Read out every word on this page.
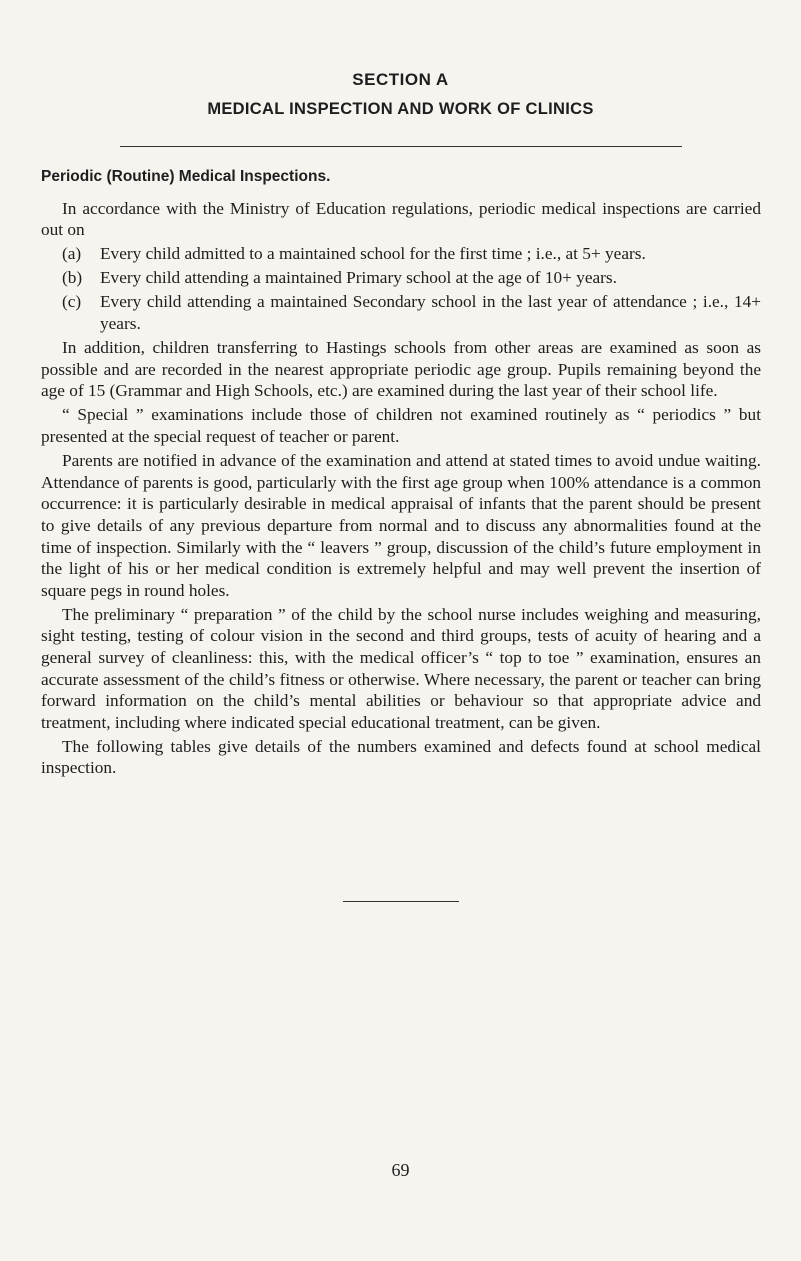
SECTION A
MEDICAL INSPECTION AND WORK OF CLINICS
Periodic (Routine) Medical Inspections.

In accordance with the Ministry of Education regulations, periodic medical inspections are carried out on

(a)	Every child admitted to a maintained school for the first time ; i.e., at 5+ years.
(b)	Every child attending a maintained Primary school at the age of 10+ years.
(c)	Every child attending a maintained Secondary school in the last year of attendance ; i.e., 14+ years.

In addition, children transferring to Hastings schools from other areas are examined as soon as possible and are recorded in the nearest appropriate periodic age group. Pupils remaining beyond the age of 15 (Grammar and High Schools, etc.) are examined during the last year of their school life.

“ Special ” examinations include those of children not examined routinely as “ periodics ” but presented at the special request of teacher or parent.

Parents are notified in advance of the examination and attend at stated times to avoid undue waiting. Attendance of parents is good, particularly with the first age group when 100% attendance is a common occurrence: it is particularly desirable in medical appraisal of infants that the parent should be present to give details of any previous departure from normal and to discuss any abnormalities found at the time of inspection. Similarly with the “ leavers ” group, discussion of the child’s future employment in the light of his or her medical condition is extremely helpful and may well prevent the insertion of square pegs in round holes.

The preliminary “ preparation ” of the child by the school nurse includes weighing and measuring, sight testing, testing of colour vision in the second and third groups, tests of acuity of hearing and a general survey of cleanliness: this, with the medical officer’s “ top to toe ” examination, ensures an accurate assessment of the child’s fitness or otherwise. Where necessary, the parent or teacher can bring forward information on the child’s mental abilities or behaviour so that appropriate advice and treatment, including where indicated special educational treatment, can be given.

The following tables give details of the numbers examined and defects found at school medical inspection.

69
